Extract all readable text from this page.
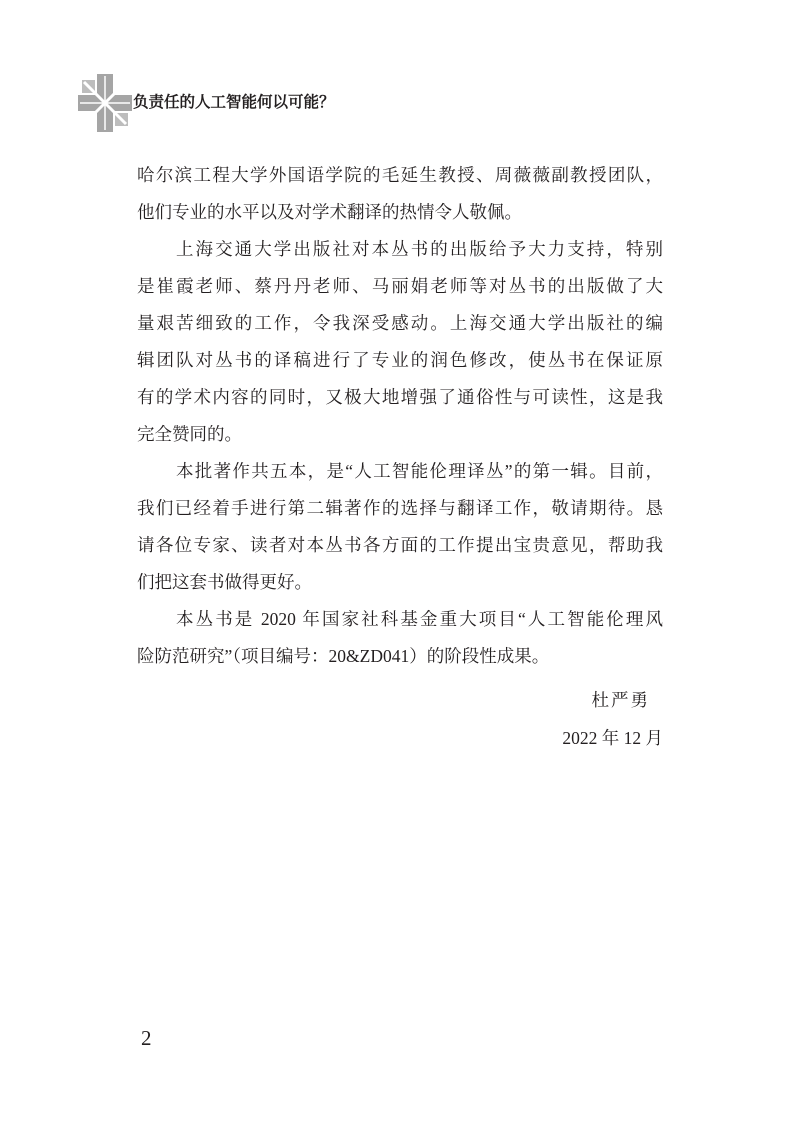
负责任的人工智能何以可能？
哈尔滨工程大学外国语学院的毛延生教授、周薇薇副教授团队，
他们专业的水平以及对学术翻译的热情令人敬佩。
上海交通大学出版社对本丛书的出版给予大力支持，特别
是崔霞老师、蔡丹丹老师、马丽娟老师等对丛书的出版做了大
量艰苦细致的工作，令我深受感动。上海交通大学出版社的编
辑团队对丛书的译稿进行了专业的润色修改，使丛书在保证原
有的学术内容的同时，又极大地增强了通俗性与可读性，这是我
完全赞同的。
本批著作共五本，是“人工智能伦理译丛”的第一辑。目前，
我们已经着手进行第二辑著作的选择与翻译工作，敬请期待。恳
请各位专家、读者对本丛书各方面的工作提出宝贵意见，帮助我
们把这套书做得更好。
本丛书是 2020 年国家社科基金重大项目“人工智能伦理风
险防范研究”（项目编号：20&ZD041）的阶段性成果。
杜严勇
2022 年 12 月
2
